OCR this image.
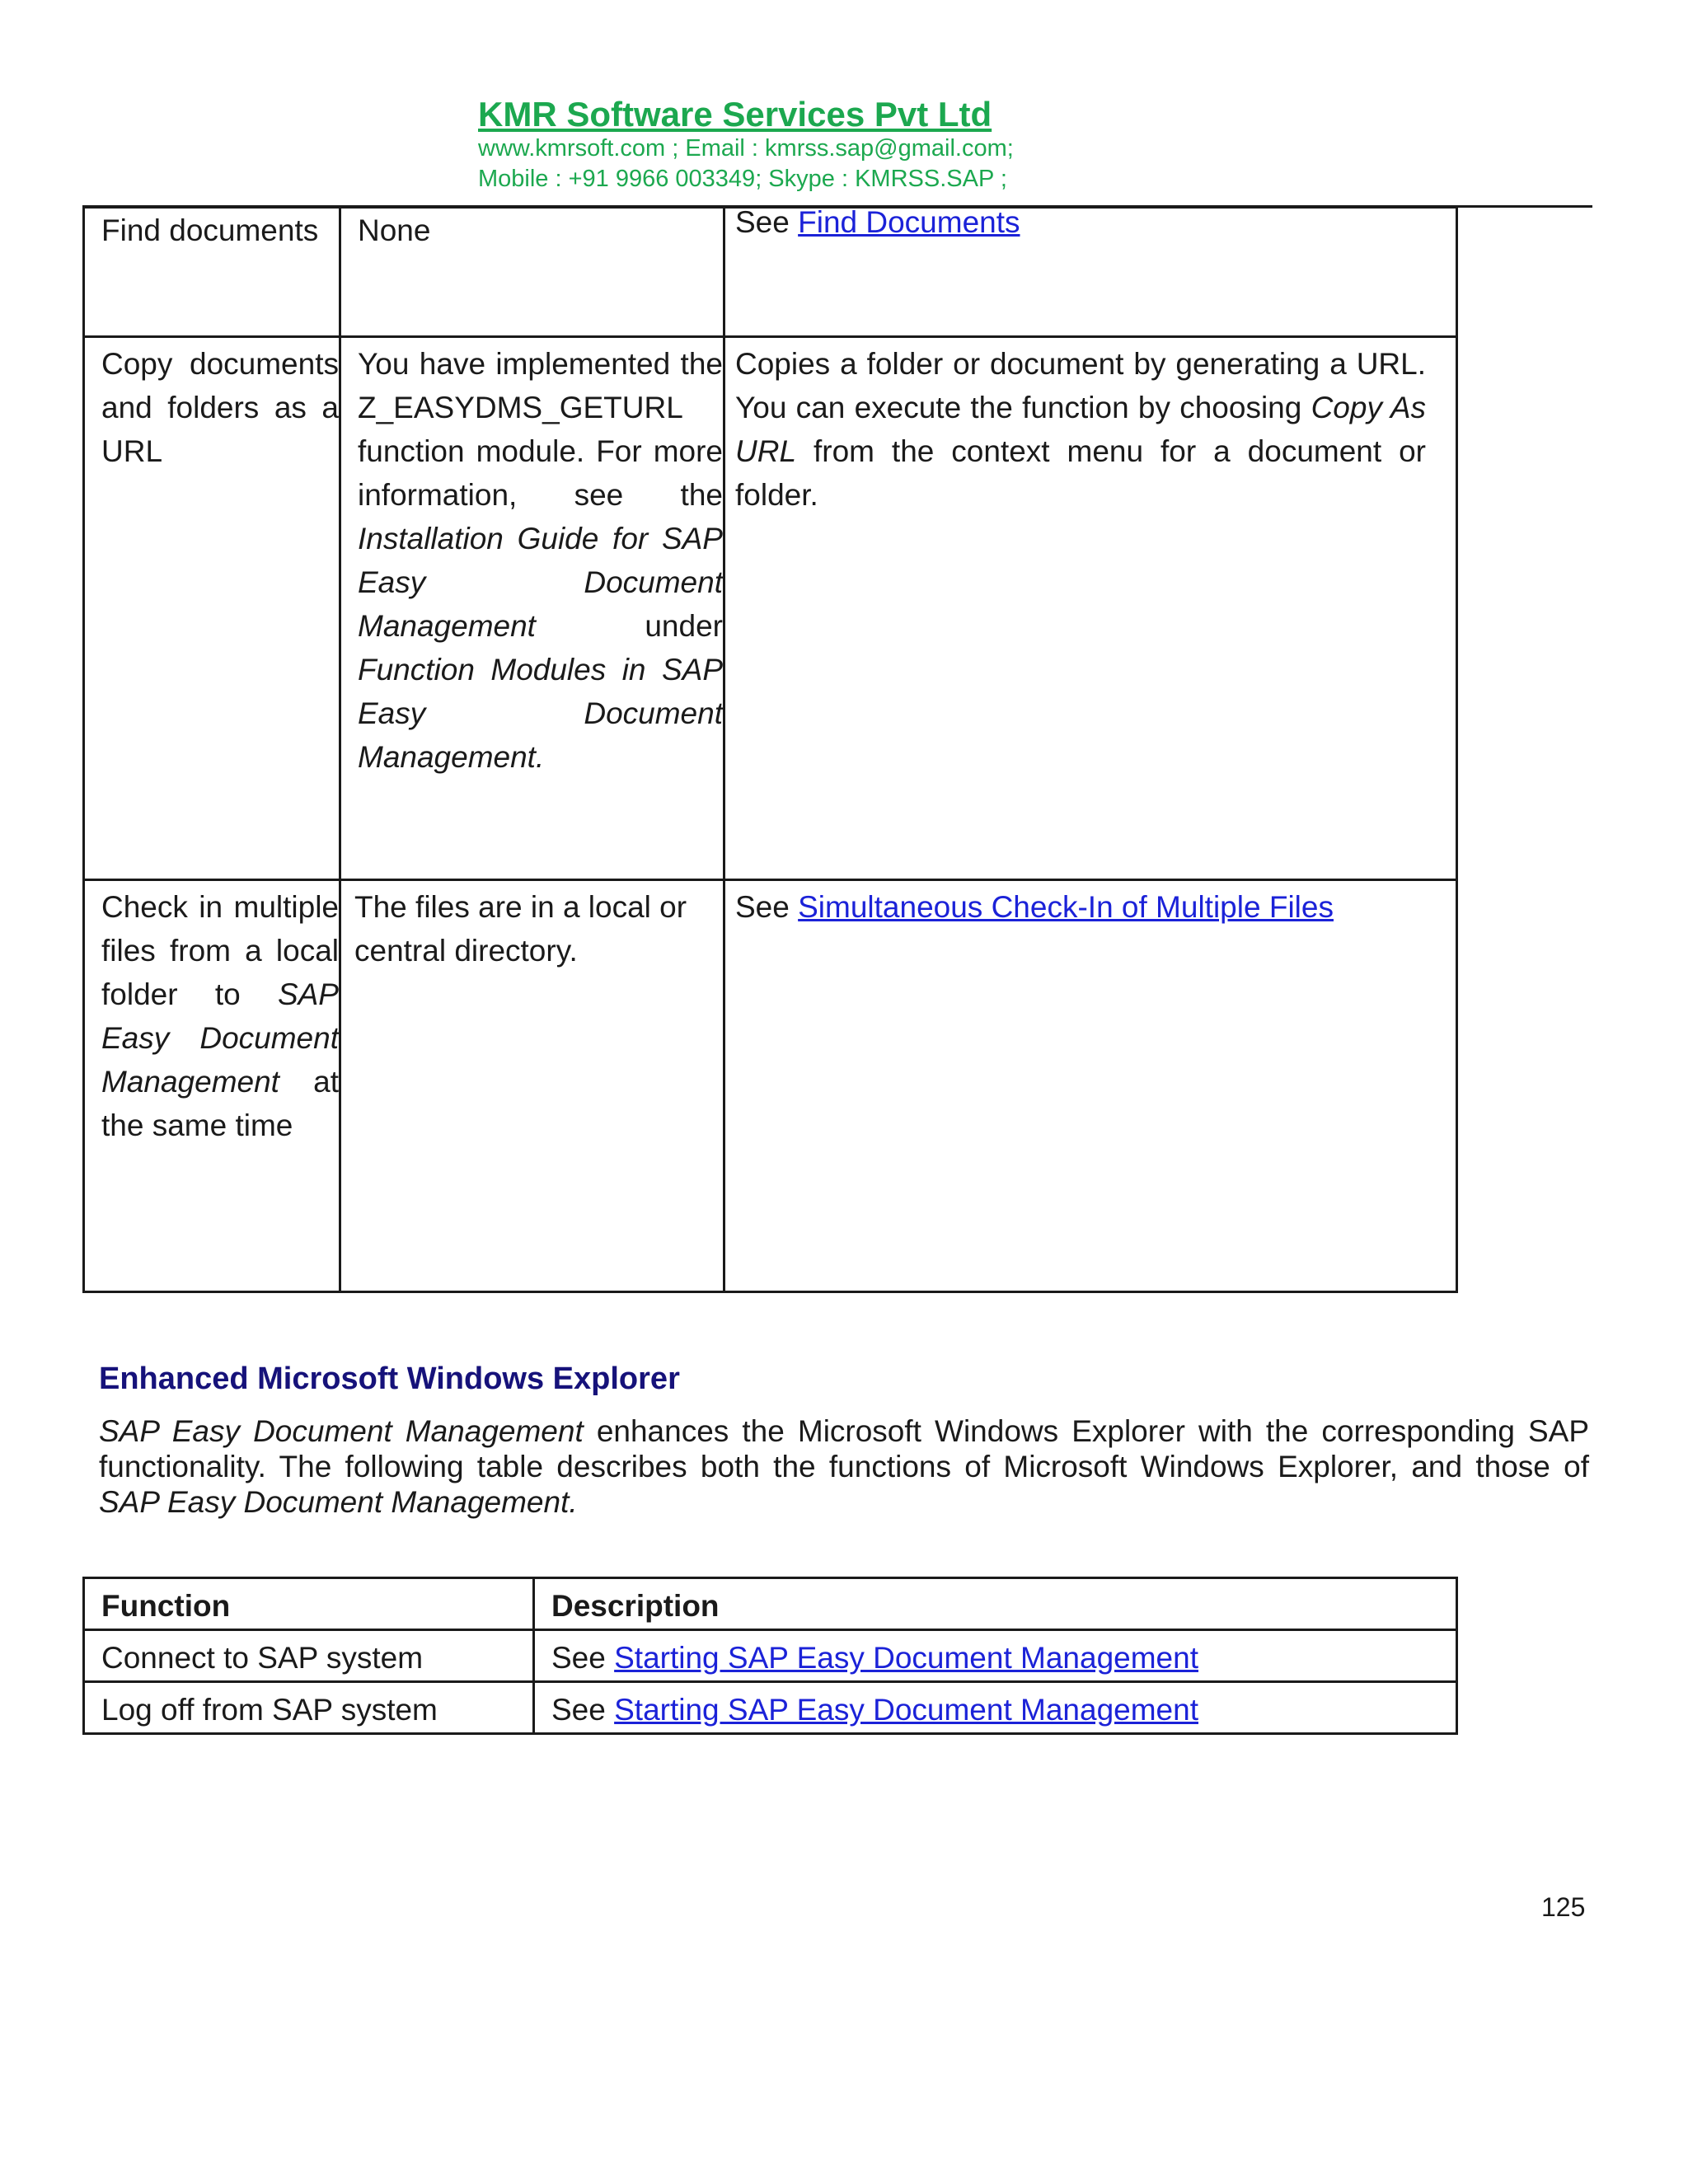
KMR Software Services Pvt Ltd

www.kmrsoft.com ; Email : kmrss.sap@gmail.com;
Mobile : +91 9966 003349; Skype : KMRSS.SAP ;
Find documents	None	See Find Documents

Copy documents and folders as a URL	You have implemented the Z_EASYDMS_GETURL function module. For more information, see the Installation Guide for SAP Easy Document Management under Function Modules in SAP Easy Document Management.	Copies a folder or document by generating a URL. You can execute the function by choosing Copy As URL from the context menu for a document or folder.
Check in multiple files from a local folder to SAP Easy Document Management at the same time	The files are in a local or central directory.	See Simultaneous Check-In of Multiple Files
Enhanced Microsoft Windows Explorer

SAP Easy Document Management enhances the Microsoft Windows Explorer with the corresponding SAP functionality. The following table describes both the functions of Microsoft Windows Explorer, and those of SAP Easy Document Management.

Function	Description
Connect to SAP system	See Starting SAP Easy Document Management
Log off from SAP system	See Starting SAP Easy Document Management
125
